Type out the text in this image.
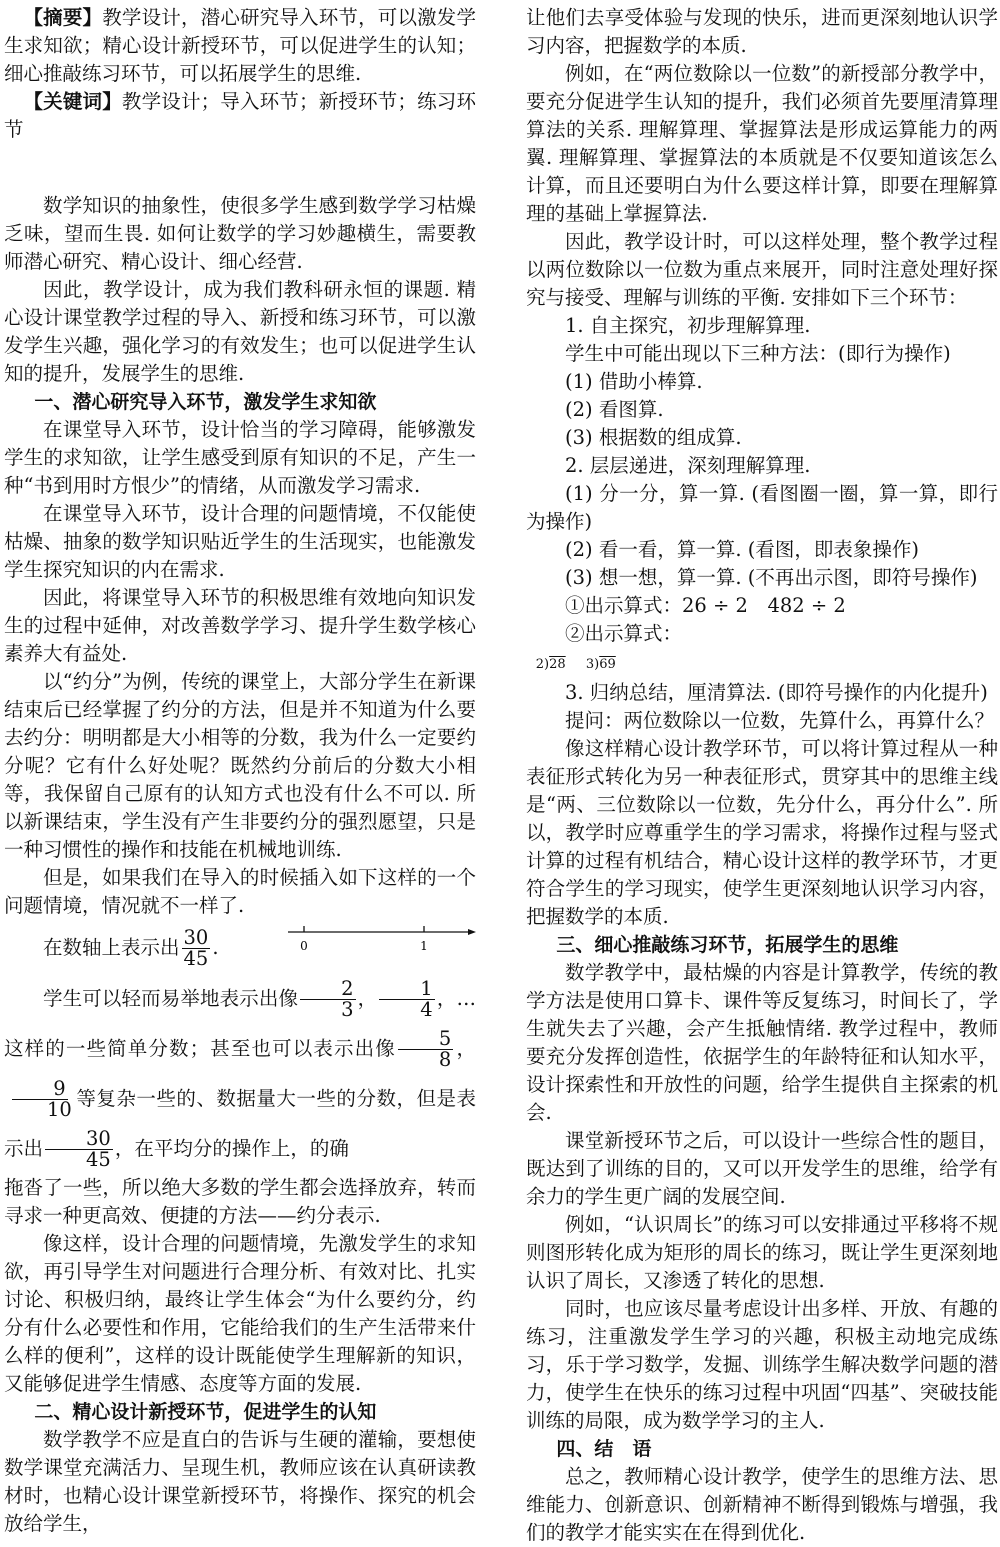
【摘要】教学设计，潜心研究导入环节，可以激发学生求知欲；精心设计新授环节，可以促进学生的认知；细心推敲练习环节，可以拓展学生的思维.

【关键词】教学设计；导入环节；新授环节；练习环节

数学知识的抽象性，使很多学生感到数学学习枯燥乏味，望而生畏. 如何让数学的学习妙趣横生，需要教师潜心研究、精心设计、细心经营.

因此，教学设计，成为我们教科研永恒的课题. 精心设计课堂教学过程的导入、新授和练习环节，可以激发学生兴趣，强化学习的有效发生；也可以促进学生认知的提升，发展学生的思维.

一、潜心研究导入环节，激发学生求知欲

在课堂导入环节，设计恰当的学习障碍，能够激发学生的求知欲，让学生感受到原有知识的不足，产生一种“书到用时方恨少”的情绪，从而激发学习需求.

在课堂导入环节，设计合理的问题情境，不仅能使枯燥、抽象的数学知识贴近学生的生活现实，也能激发学生探究知识的内在需求.

因此，将课堂导入环节的积极思维有效地向知识发生的过程中延伸，对改善数学学习、提升学生数学核心素养大有益处.

以“约分”为例，传统的课堂上，大部分学生在新课结束后已经掌握了约分的方法，但是并不知道为什么要去约分：明明都是大小相等的分数，我为什么一定要约分呢？它有什么好处呢？既然约分前后的分数大小相等，我保留自己原有的认知方式也没有什么不可以. 所以新课结束，学生没有产生非要约分的强烈愿望，只是一种习惯性的操作和技能在机械地训练.

但是，如果我们在导入的时候插入如下这样的一个问题情境，情况就不一样了.

在数轴上表示出 $\frac{30}{45}$ .	0	1

学生可以轻而易举地表示出像 $\frac{2}{3}$ ， $\frac{1}{4}$ ，…这样的一些简单分数；甚至也可以表示出像 $\frac{5}{8}$ ，
$\frac{9}{10}$ 等复杂一些的、数据量大一些的分数，但是表示出 $\frac{30}{45}$ ，在平均分的操作上，的确

拖沓了一些，所以绝大多数的学生都会选择放弃，转而寻求一种更高效、便捷的方法——约分表示.

像这样，设计合理的问题情境，先激发学生的求知欲，再引导学生对问题进行合理分析、有效对比、扎实讨论、积极归纳，最终让学生体会“为什么要约分，约分有什么必要性和作用，它能给我们的生产生活带来什么样的便利”，这样的设计既能使学生理解新的知识，又能够促进学生情感、态度等方面的发展.

二、精心设计新授环节，促进学生的认知

数学教学不应是直白的告诉与生硬的灌输，要想使数学课堂充满活力、呈现生机，教师应该在认真研读教材时，也精心设计课堂新授环节，将操作、探究的机会放给学生，

让他们去享受体验与发现的快乐，进而更深刻地认识学习内容，把握数学的本质.

例如，在“两位数除以一位数”的新授部分教学中，要充分促进学生认知的提升，我们必须首先要厘清算理算法的关系. 理解算理、掌握算法是形成运算能力的两翼. 理解算理、掌握算法的本质就是不仅要知道该怎么计算，而且还要明白为什么要这样计算，即要在理解算理的基础上掌握算法.

因此，教学设计时，可以这样处理，整个教学过程以两位数除以一位数为重点来展开，同时注意处理好探究与接受、理解与训练的平衡. 安排如下三个环节：

1. 自主探究，初步理解算理.

学生中可能出现以下三种方法：(即行为操作)

(1) 借助小棒算.

(2) 看图算.

(3) 根据数的组成算.

2. 层层递进，深刻理解算理.

(1) 分一分，算一算. (看图圈一圈，算一算，即行为操作)

(2) 看一看，算一算. (看图，即表象操作)

(3) 想一想，算一算. (不再出示图，即符号操作)

①出示算式：26 ÷ 2　482 ÷ 2

②出示算式：

2)28 3)69

3. 归纳总结，厘清算法. (即符号操作的内化提升)

提问：两位数除以一位数，先算什么，再算什么？

像这样精心设计教学环节，可以将计算过程从一种表征形式转化为另一种表征形式，贯穿其中的思维主线是“两、三位数除以一位数，先分什么，再分什么”. 所以，教学时应尊重学生的学习需求，将操作过程与竖式计算的过程有机结合，精心设计这样的教学环节，才更符合学生的学习现实，使学生更深刻地认识学习内容，把握数学的本质.

三、细心推敲练习环节，拓展学生的思维

数学教学中，最枯燥的内容是计算教学，传统的教学方法是使用口算卡、课件等反复练习，时间长了，学生就失去了兴趣，会产生抵触情绪. 教学过程中，教师要充分发挥创造性，依据学生的年龄特征和认知水平，设计探索性和开放性的问题，给学生提供自主探索的机会.

课堂新授环节之后，可以设计一些综合性的题目，既达到了训练的目的，又可以开发学生的思维，给学有余力的学生更广阔的发展空间.

例如，“认识周长”的练习可以安排通过平移将不规则图形转化成为矩形的周长的练习，既让学生更深刻地认识了周长，又渗透了转化的思想.

同时，也应该尽量考虑设计出多样、开放、有趣的练习，注重激发学生学习的兴趣，积极主动地完成练习，乐于学习数学，发掘、训练学生解决数学问题的潜力，使学生在快乐的练习过程中巩固“四基”、突破技能训练的局限，成为数学学习的主人.

四、结　语

总之，教师精心设计教学，使学生的思维方法、思维能力、创新意识、创新精神不断得到锻炼与增强，我们的教学才能实实在在得到优化.
